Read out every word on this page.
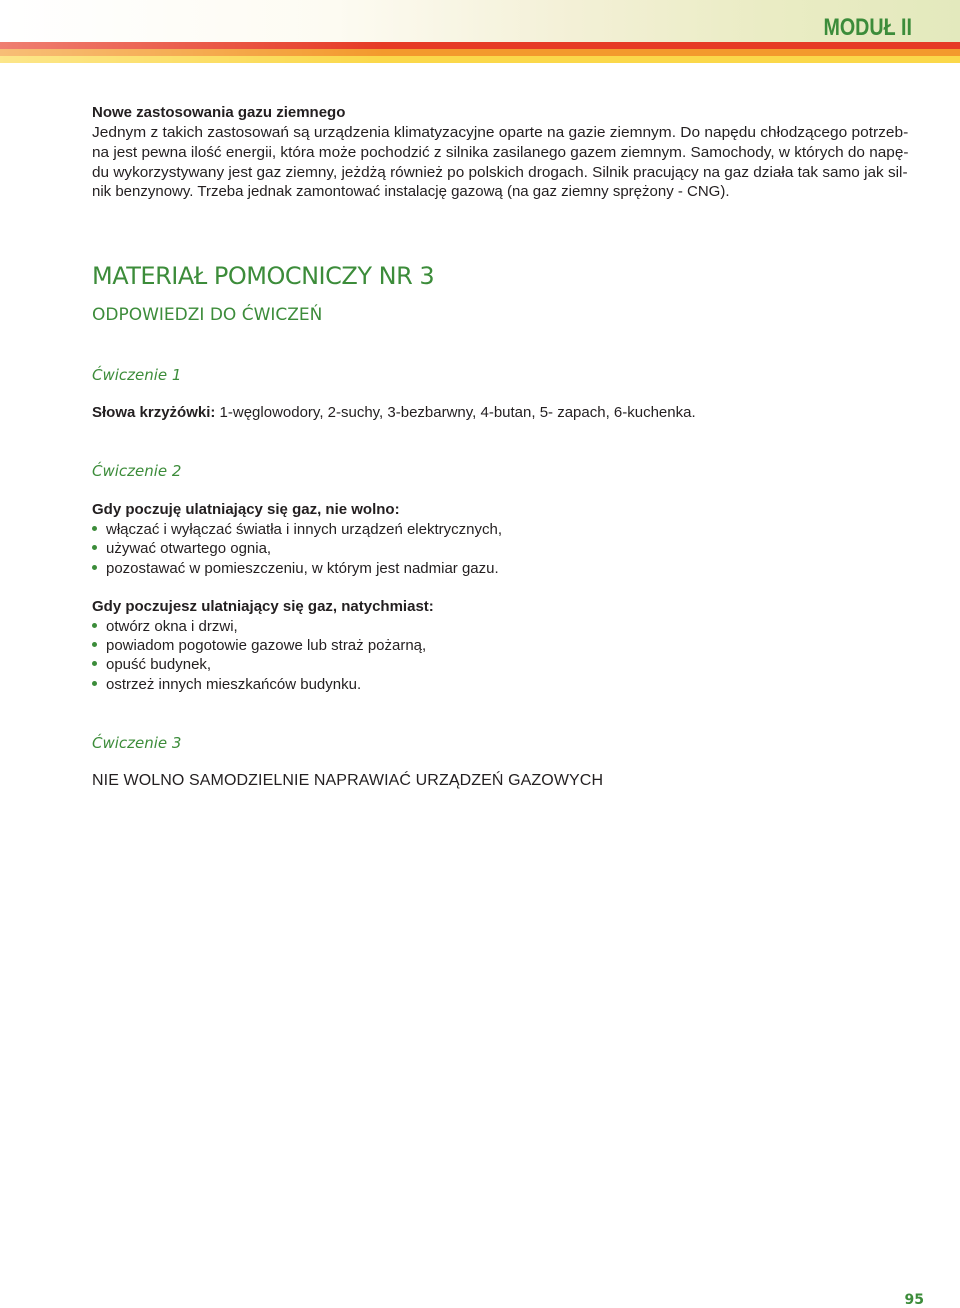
MODUŁ II
Nowe zastosowania gazu ziemnego
Jednym z takich zastosowań są urządzenia klimatyzacyjne oparte na gazie ziemnym. Do napędu chłodzącego potrzeb-
na jest pewna ilość energii, która może pochodzić z silnika zasilanego gazem ziemnym. Samochody, w których do napę-
du wykorzystywany jest gaz ziemny, jeżdżą również po polskich drogach. Silnik pracujący na gaz działa tak samo jak sil-
nik benzynowy. Trzeba jednak zamontować instalację gazową (na gaz ziemny sprężony - CNG).
MATERIAŁ POMOCNICZY NR 3
ODPOWIEDZI DO ĆWICZEŃ
Ćwiczenie 1
Słowa krzyżówki: 1-węglowodory, 2-suchy, 3-bezbarwny, 4-butan, 5- zapach, 6-kuchenka.
Ćwiczenie 2
Gdy poczuję ulatniający się gaz, nie wolno:
włączać i wyłączać światła i innych urządzeń elektrycznych,
używać otwartego ognia,
pozostawać w pomieszczeniu, w którym jest nadmiar gazu.
Gdy poczujesz ulatniający się gaz, natychmiast:
otwórz okna i drzwi,
powiadom pogotowie gazowe lub straż pożarną,
opuść budynek,
ostrzeż innych mieszkańców budynku.
Ćwiczenie 3
NIE WOLNO SAMODZIELNIE NAPRAWIAĆ URZĄDZEŃ GAZOWYCH
95
